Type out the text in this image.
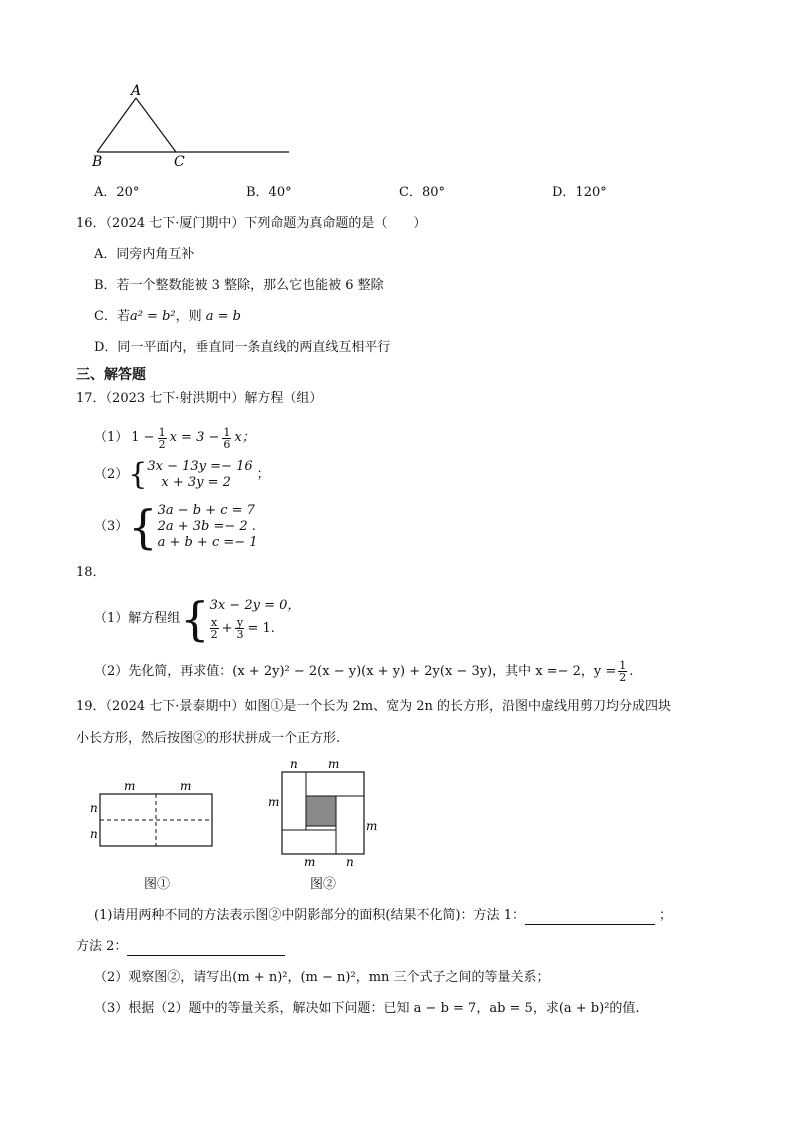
A
B	C
A．20°	B．40°	C．80°	D．120°
16．（2024 七下·厦门期中）下列命题为真命题的是（　　）
A．同旁内角互补
B．若一个整数能被 3 整除，那么它也能被 6 整除
C．若a² = b²，则 a = b
D．同一平面内，垂直同一条直线的两直线互相平行
三、解答题
17．（2023 七下·射洪期中）解方程（组）
（1） $1 - \frac{1}{2}$ $x = 3 - \frac{1}{6}$ x；
（2） { 3x − 13y =− 16
x + 3y = 2
；
（3） { 3a − b + c = 7
2a + 3b =− 2 .
a + b + c =− 1
18．
（1）解方程组 { 3x − 2y = 0，
$\frac{x}{2} + \frac{y}{3} = 1$.
（2）先化简，再求值：(x + 2y)² − 2(x − y)(x + y) + 2y(x − 3y)，其中 x =− 2，$y = \frac{1}{2}$ .
19．（2024 七下·景泰期中）如图①是一个长为 2m、宽为 2n 的长方形，沿图中虚线用剪刀均分成四块
小长方形，然后按图②的形状拼成一个正方形.
m	m
n
n
图①
n	m
m
m
m	n
图②
(1)请用两种不同的方法表示图②中阴影部分的面积(结果不化简)：方法 1：	；
方法 2：
（2）观察图②，请写出(m + n)²，(m − n)²，mn 三个式子之间的等量关系；
（3）根据（2）题中的等量关系，解决如下问题：已知 a − b = 7，ab = 5，求(a + b)²的值.
